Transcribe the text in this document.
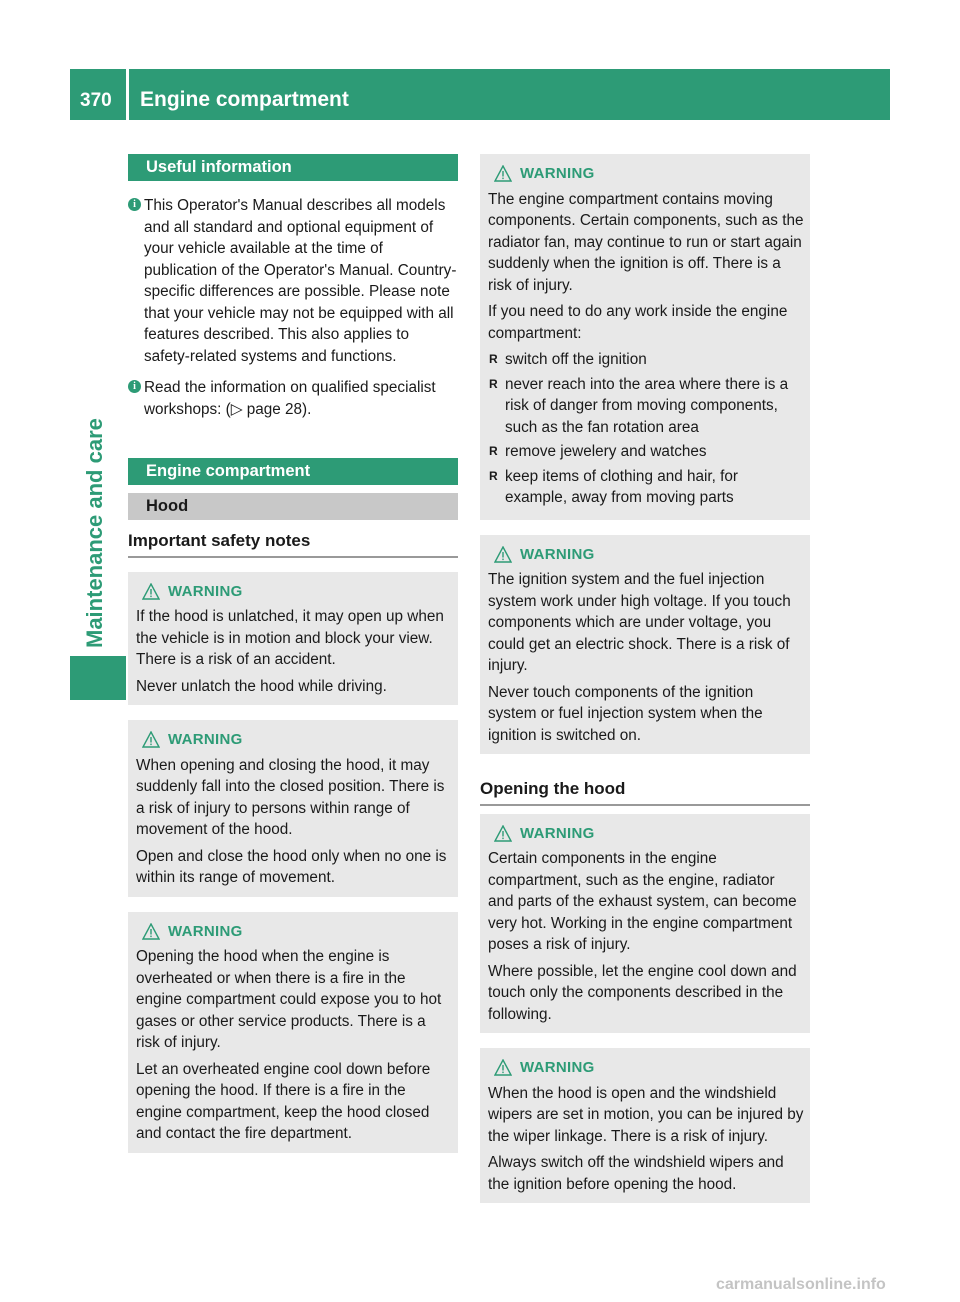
370 Engine compartment
Maintenance and care
Useful information
i This Operator's Manual describes all models and all standard and optional equipment of your vehicle available at the time of publication of the Operator's Manual. Country-specific differences are possible. Please note that your vehicle may not be equipped with all features described. This also applies to safety-related systems and functions.
i Read the information on qualified specialist workshops: (▷ page 28).
Engine compartment
Hood
Important safety notes
WARNING

If the hood is unlatched, it may open up when the vehicle is in motion and block your view. There is a risk of an accident.

Never unlatch the hood while driving.

WARNING

When opening and closing the hood, it may suddenly fall into the closed position. There is a risk of injury to persons within range of movement of the hood.

Open and close the hood only when no one is within its range of movement.

WARNING

Opening the hood when the engine is overheated or when there is a fire in the engine compartment could expose you to hot gases or other service products. There is a risk of injury.

Let an overheated engine cool down before opening the hood. If there is a fire in the engine compartment, keep the hood closed and contact the fire department.

WARNING

The engine compartment contains moving components. Certain components, such as the radiator fan, may continue to run or start again suddenly when the ignition is off. There is a risk of injury.

If you need to do any work inside the engine compartment:

R switch off the ignition
R never reach into the area where there is a risk of danger from moving components, such as the fan rotation area
R remove jewelery and watches
R keep items of clothing and hair, for example, away from moving parts
WARNING

The ignition system and the fuel injection system work under high voltage. If you touch components which are under voltage, you could get an electric shock. There is a risk of injury.

Never touch components of the ignition system or fuel injection system when the ignition is switched on.

Opening the hood
WARNING

Certain components in the engine compartment, such as the engine, radiator and parts of the exhaust system, can become very hot. Working in the engine compartment poses a risk of injury.

Where possible, let the engine cool down and touch only the components described in the following.

WARNING

When the hood is open and the windshield wipers are set in motion, you can be injured by the wiper linkage. There is a risk of injury.

Always switch off the windshield wipers and the ignition before opening the hood.

carmanualsonline.info
